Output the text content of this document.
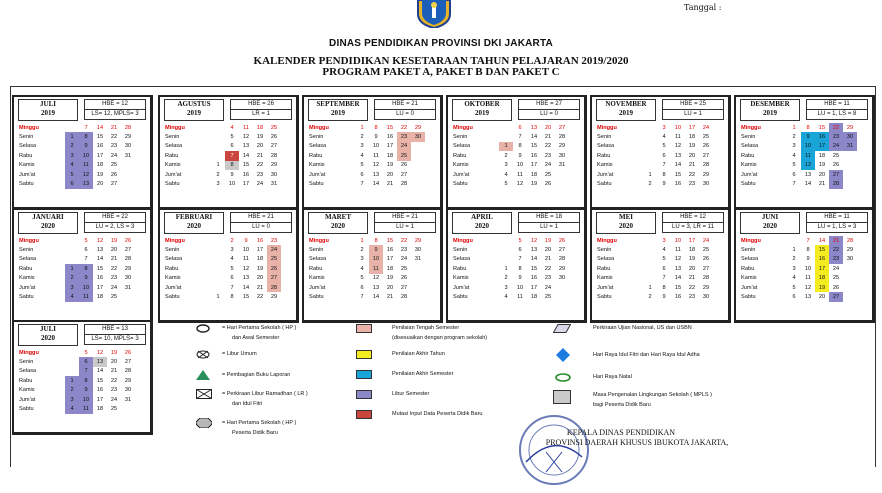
Tanggal :
DINAS PENDIDIKAN PROVINSI DKI JAKARTA
KALENDER PENDIDIKAN KESETARAAN TAHUN PELAJARAN 2019/2020
PROGRAM PAKET A, PAKET B DAN PAKET C
JULI
2019
HBE = 12
LS= 12, MPLS= 3
Minggu		7	14	21	28
Senin	1	8	15	22	29
Selasa	2	9	16	23	30
Rabu	3	10	17	24	31
Kamis	4	11	18	25	
Jum'at	5	12	19	26	
Sabtu	6	13	20	27	
AGUSTUS
2019
HBE = 26
LR = 1
Minggu		4	11	18	25
Senin		5	12	19	26
Selasa		6	13	20	27
Rabu		7	14	21	28
Kamis	1	8	15	22	29
Jum'at	2	9	16	23	30
Sabtu	3	10	17	24	31
SEPTEMBER
2019
HBE = 21
LU = 0
Minggu	1	8	15	22	29
Senin	2	9	16	23	30
Selasa	3	10	17	24	
Rabu	4	11	18	25	
Kamis	5	12	19	26	
Jum'at	6	13	20	27	
Sabtu	7	14	21	28	
OKTOBER
2019
HBE = 27
LU = 0
Minggu		6	13	20	27
Senin		7	14	21	28
Selasa	1	8	15	22	29
Rabu	2	9	16	23	30
Kamis	3	10	17	24	31
Jum'at	4	11	18	25	
Sabtu	5	12	19	26	
NOVEMBER
2019
HBE = 25
LU = 1
Minggu		3	10	17	24
Senin		4	11	18	25
Selasa		5	12	19	26
Rabu		6	13	20	27
Kamis		7	14	21	28
Jum'at	1	8	15	22	29
Sabtu	2	9	16	23	30
DESEMBER
2019
HBE = 11
LU = 1, LS = 8
Minggu	1	8	15	22	29
Senin	2	9	16	23	30
Selasa	3	10	17	24	31
Rabu	4	11	18	25	
Kamis	5	12	19	26	
Jum'at	6	13	20	27	
Sabtu	7	14	21	28	
JANUARI
2020
HBE = 22
LU = 2, LS = 3
Minggu		5	12	19	26
Senin		6	13	20	27
Selasa		7	14	21	28
Rabu	1	8	15	22	29
Kamis	2	9	16	23	30
Jum'at	3	10	17	24	31
Sabtu	4	11	18	25	
FEBRUARI
2020
HBE = 21
LU = 0
Minggu		2	9	16	23
Senin		3	10	17	24
Selasa		4	11	18	25
Rabu		5	12	19	26
Kamis		6	13	20	27
Jum'at		7	14	21	28
Sabtu	1	8	15	22	29
MARET
2020
HBE = 21
LU = 1
Minggu	1	8	15	22	29
Senin	2	9	16	23	30
Selasa	3	10	17	24	31
Rabu	4	11	18	25	
Kamis	5	12	19	26	
Jum'at	6	13	20	27	
Sabtu	7	14	21	28	
APRIL
2020
HBE = 18
LU = 1
Minggu		5	12	19	26
Senin		6	13	20	27
Selasa		7	14	21	28
Rabu	1	8	15	22	29
Kamis	2	9	16	23	30
Jum'at	3	10	17	24	
Sabtu	4	11	18	25	
MEI
2020
HBE = 12
LU = 3, LR = 11
Minggu		3	10	17	24
Senin		4	11	18	25
Selasa		5	12	19	26
Rabu		6	13	20	27
Kamis		7	14	21	28
Jum'at	1	8	15	22	29
Sabtu	2	9	16	23	30
JUNI
2020
HBE = 11
LU = 1, LS = 3
Minggu		7	14	21	28
Senin	1	8	15	22	29
Selasa	2	9	16	23	30
Rabu	3	10	17	24	
Kamis	4	11	18	25	
Jum'at	5	12	19	26	
Sabtu	6	13	20	27	
JULI
2020
HBE = 13
LS= 10, MPLS= 3
Minggu		5	12	19	26
Senin		6	13	20	27
Selasa		7	14	21	28
Rabu	1	8	15	22	29
Kamis	2	9	16	23	30
Jum'at	3	10	17	24	31
Sabtu	4	11	18	25	
= Hari Pertama Sekolah ( HP )
dan Awal Semester
= Libur Umum
= Pembagian Buku Laporan
= Perkiraan Libur Ramadhan ( LR )
dan Idul Fitri
= Hari Pertama Sekolah ( HP )
Peserta Didik Baru
Penilaian Tengah Semester
(disesuaikan dengan program sekolah)
Penilaian Akhir Tahun
Penilaian Akhir Semester
Libur Semester
Mutasi Input Data Peserta Didik Baru
Perkiraan Ujian Nasional, US dan USBN
Hari Raya Idul Fitri dan Hari Raya Idul Adha
Hari Raya Natal
Masa Pengenalan Lingkungan Sekolah ( MPLS )
bagi Peserta Didik Baru
KEPALA DINAS PENDIDIKAN
PROVINSI DAERAH KHUSUS IBUKOTA JAKARTA,
